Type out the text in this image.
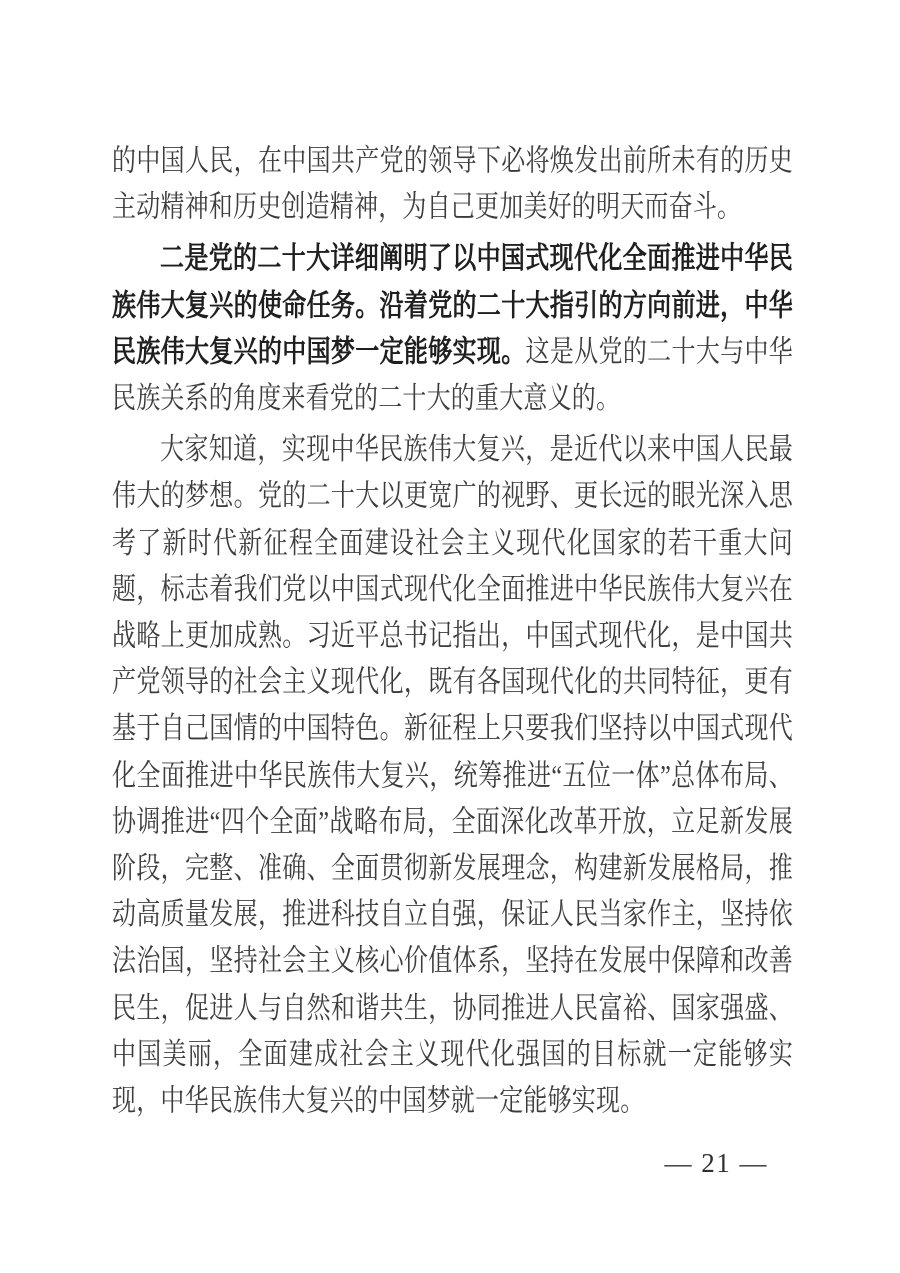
的中国人民，在中国共产党的领导下必将焕发出前所未有的历史主动精神和历史创造精神，为自己更加美好的明天而奋斗。

二是党的二十大详细阐明了以中国式现代化全面推进中华民族伟大复兴的使命任务。沿着党的二十大指引的方向前进，中华民族伟大复兴的中国梦一定能够实现。这是从党的二十大与中华民族关系的角度来看党的二十大的重大意义的。

大家知道，实现中华民族伟大复兴，是近代以来中国人民最伟大的梦想。党的二十大以更宽广的视野、更长远的眼光深入思考了新时代新征程全面建设社会主义现代化国家的若干重大问题，标志着我们党以中国式现代化全面推进中华民族伟大复兴在战略上更加成熟。习近平总书记指出，中国式现代化，是中国共产党领导的社会主义现代化，既有各国现代化的共同特征，更有基于自己国情的中国特色。新征程上只要我们坚持以中国式现代化全面推进中华民族伟大复兴，统筹推进“五位一体”总体布局、协调推进“四个全面”战略布局，全面深化改革开放，立足新发展阶段，完整、准确、全面贯彻新发展理念，构建新发展格局，推动高质量发展，推进科技自立自强，保证人民当家作主，坚持依法治国，坚持社会主义核心价值体系，坚持在发展中保障和改善民生，促进人与自然和谐共生，协同推进人民富裕、国家强盛、中国美丽，全面建成社会主义现代化强国的目标就一定能够实现，中华民族伟大复兴的中国梦就一定能够实现。

— 21 —
